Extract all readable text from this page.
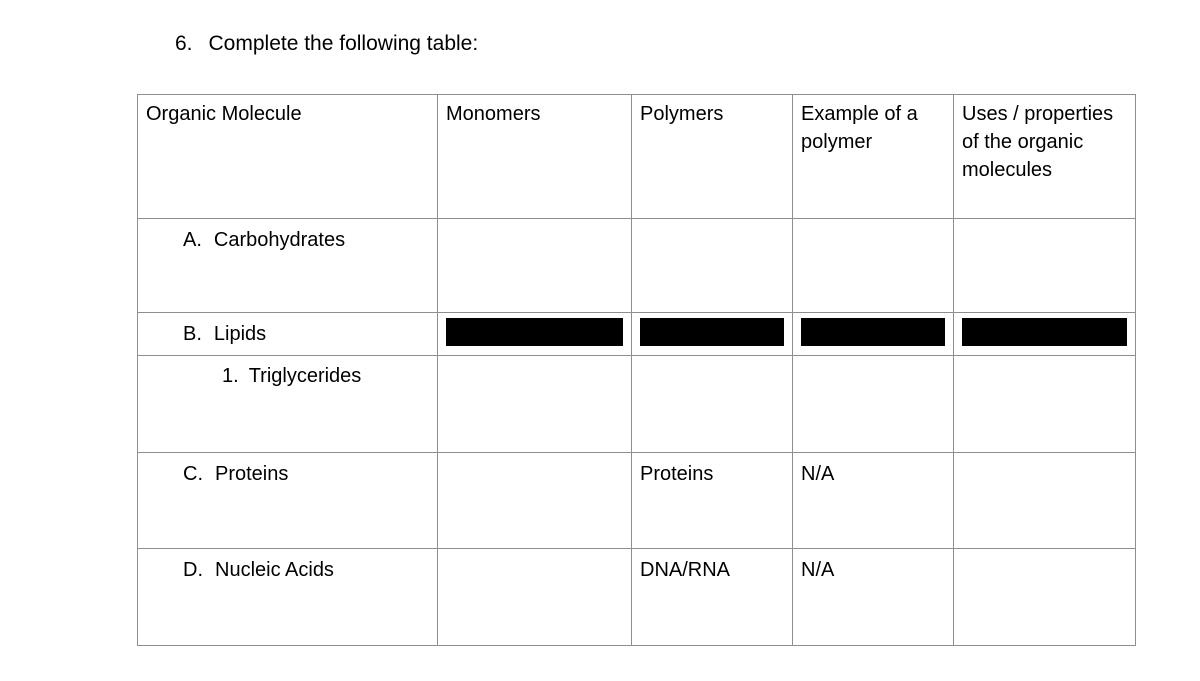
6. Complete the following table:
Organic Molecule	Monomers	Polymers	Example of a polymer	Uses / properties of the organic molecules

A. Carbohydrates				

B. Lipids				

1. Triglycerides				

C. Proteins		Proteins	N/A	

D. Nucleic Acids		DNA/RNA	N/A	
